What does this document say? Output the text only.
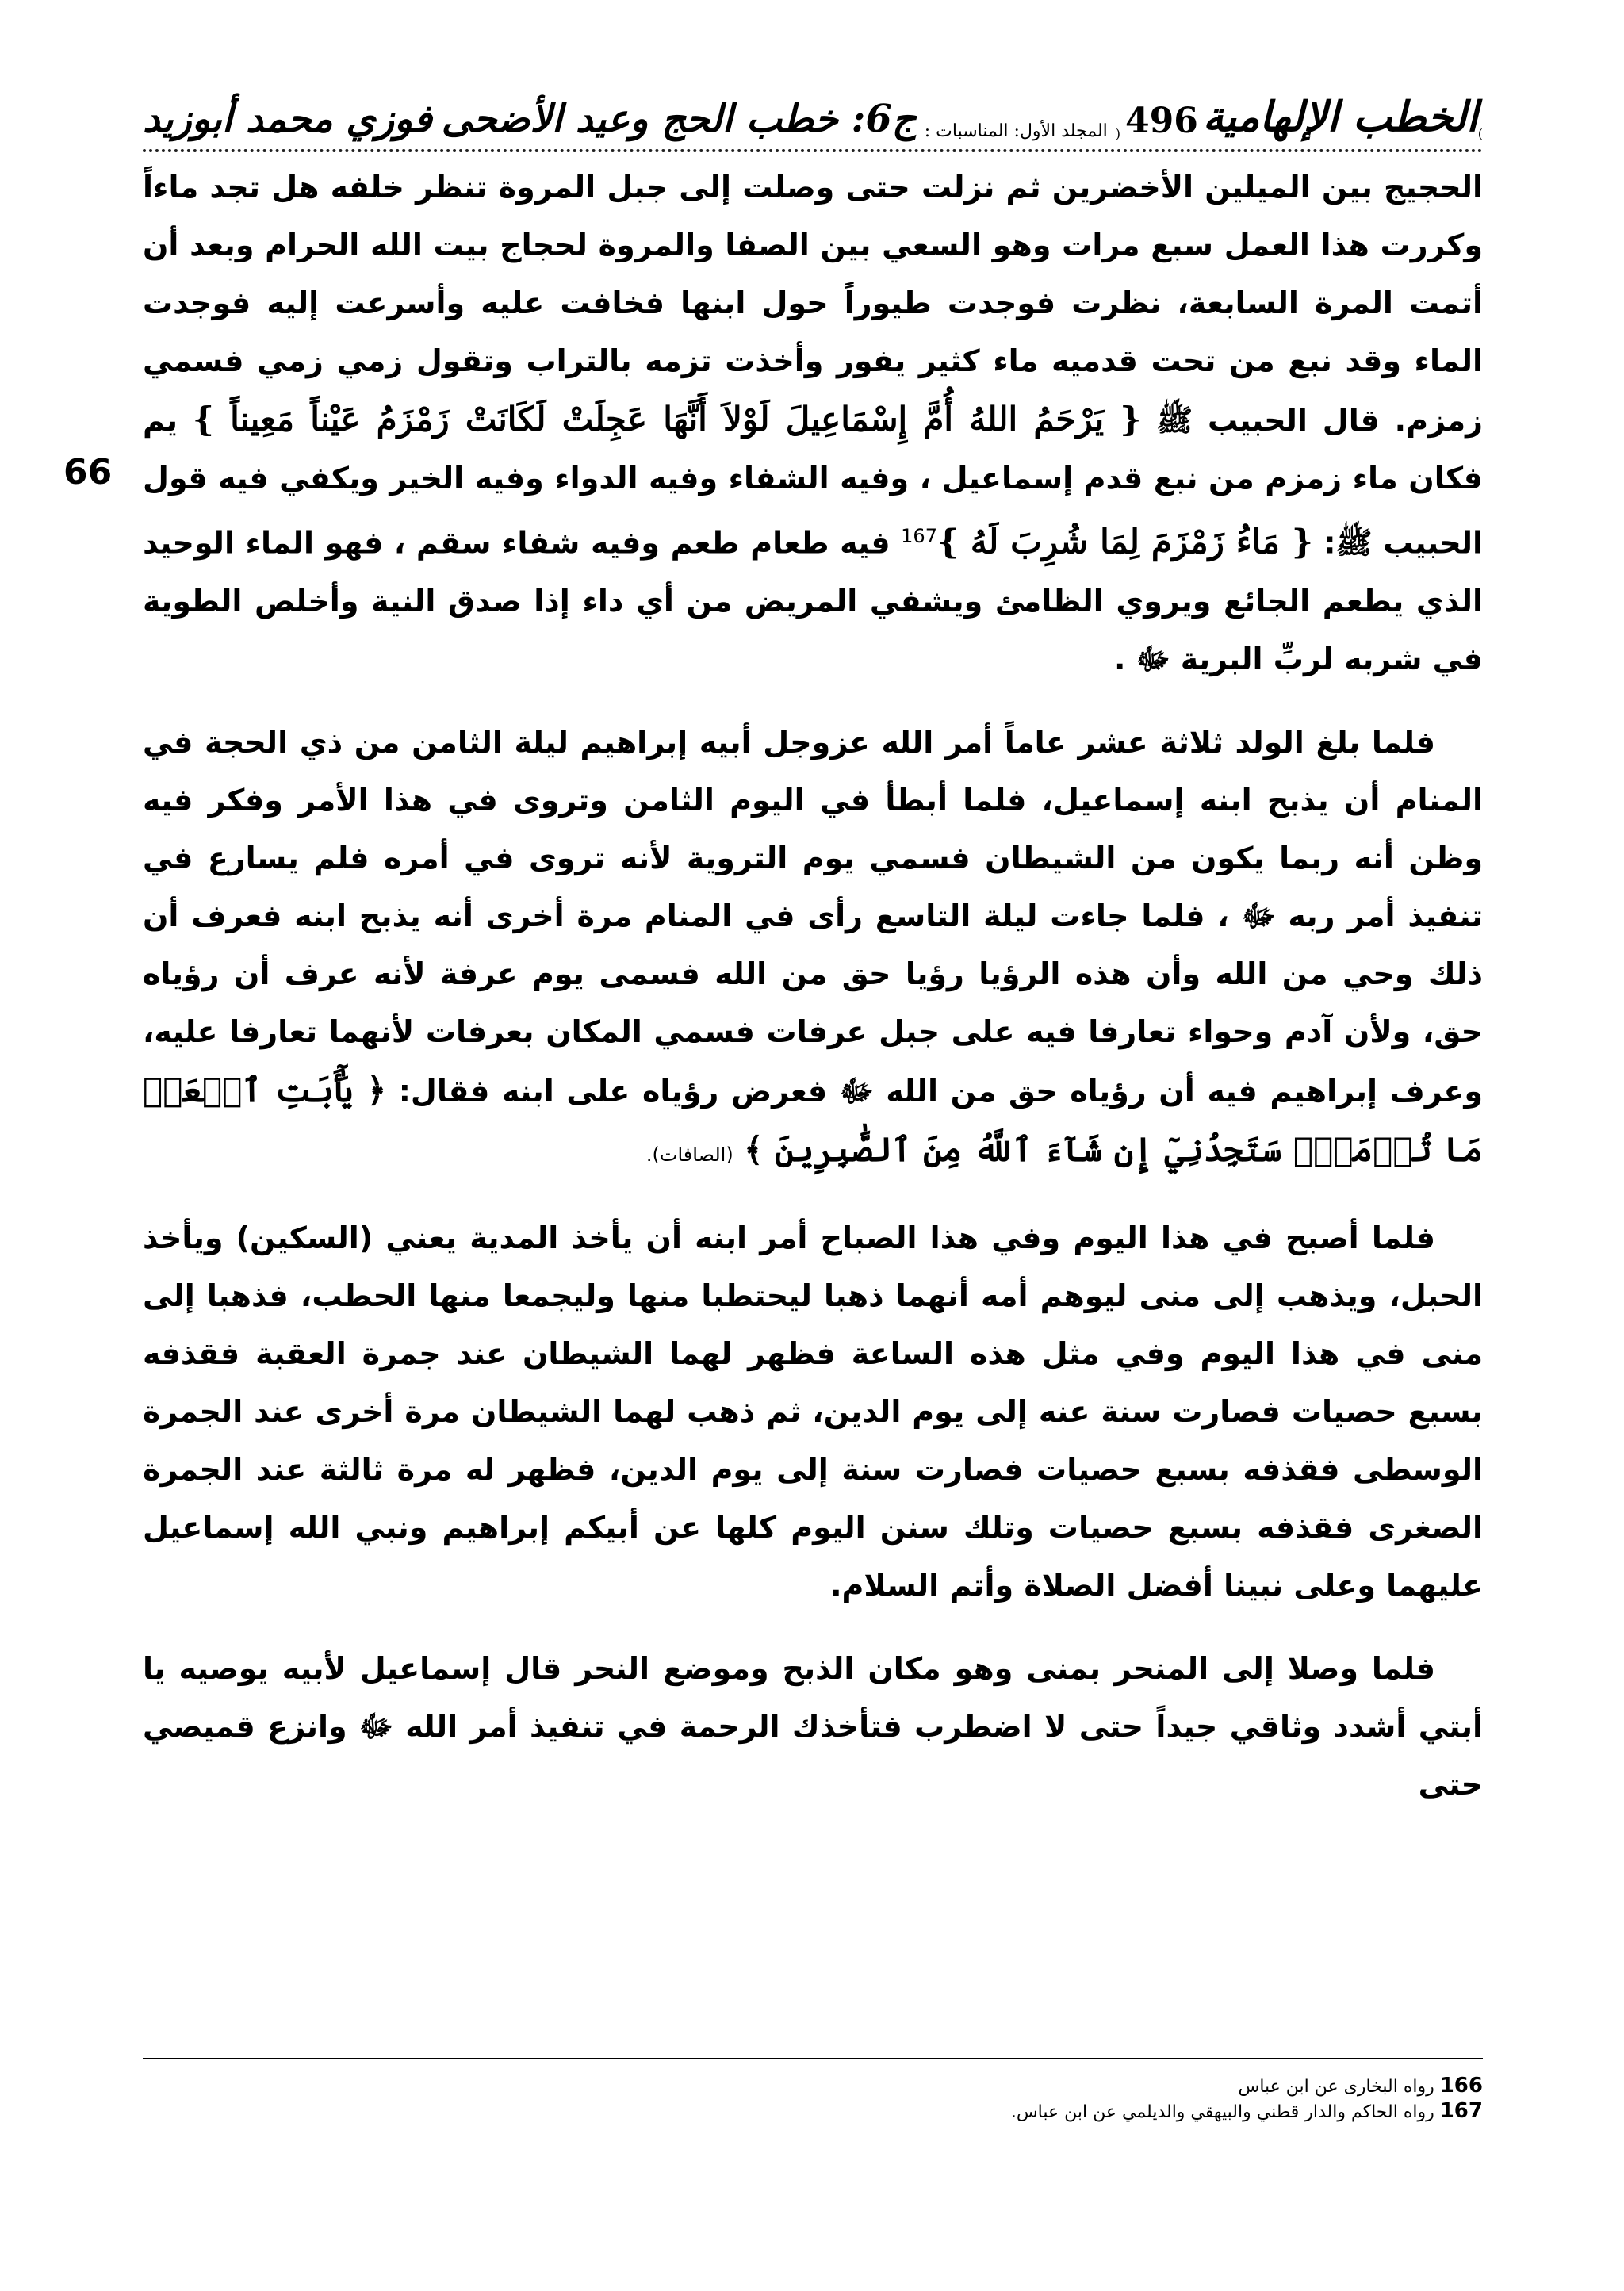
)
الخطب الإلهامية
496
(
المجلد الأول: المناسبات :
ج6: خطب الحج وعيد الأضحى
فوزي محمد أبوزيد
66

الحجيج بين الميلين الأخضرين ثم نزلت حتى وصلت إلى جبل المروة تنظر خلفه هل تجد ماءاً وكررت هذا العمل سبع مرات وهو السعي بين الصفا والمروة لحجاج بيت الله الحرام وبعد أن أتمت المرة السابعة، نظرت فوجدت طيوراً حول ابنها فخافت عليه وأسرعت إليه فوجدت الماء وقد نبع من تحت قدميه ماء كثير يفور وأخذت تزمه بالتراب وتقول زمي زمي فسمي زمزم. قال الحبيب ﷺ { يَرْحَمُ اللهُ أُمَّ إِسْمَاعِيلَ لَوْلاَ أَنَّهَا عَجِلَتْ لَكَانَتْ زَمْزَمُ عَيْناً مَعِيناً } يم فكان ماء زمزم من نبع قدم إسماعيل ، وفيه الشفاء وفيه الدواء وفيه الخير ويكفي فيه قول الحبيب ﷺ: { مَاءُ زَمْزَمَ لِمَا شُرِبَ لَهُ }$^{167}$ فيه طعام طعم وفيه شفاء سقم ، فهو الماء الوحيد الذي يطعم الجائع ويروي الظامئ ويشفي المريض من أي داء إذا صدق النية وأخلص الطوية في شربه لربِّ البرية ﷻ .

فلما بلغ الولد ثلاثة عشر عاماً أمر الله عزوجل أبيه إبراهيم ليلة الثامن من ذي الحجة في المنام أن يذبح ابنه إسماعيل، فلما أبطأ في اليوم الثامن وتروى في هذا الأمر وفكر فيه وظن أنه ربما يكون من الشيطان فسمي يوم التروية لأنه تروى في أمره فلم يسارع في تنفيذ أمر ربه ﷻ ، فلما جاءت ليلة التاسع رأى في المنام مرة أخرى أنه يذبح ابنه فعرف أن ذلك وحي من الله وأن هذه الرؤيا رؤيا حق من الله فسمى يوم عرفة لأنه عرف أن رؤياه حق، ولأن آدم وحواء تعارفا فيه على جبل عرفات فسمي المكان بعرفات لأنهما تعارفا عليه، وعرف إبراهيم فيه أن رؤياه حق من الله ﷻ فعرض رؤياه على ابنه فقال: ﴿ يَٰٓأَبَتِ ٱفۡعَلۡ مَا تُؤۡمَرُۖ سَتَجِدُنِيٓ إِن شَآءَ ٱللَّهُ مِنَ ٱلصَّٰبِرِينَ ﴾ (الصافات).

فلما أصبح في هذا اليوم وفي هذا الصباح أمر ابنه أن يأخذ المدية يعني (السكين) ويأخذ الحبل، ويذهب إلى منى ليوهم أمه أنهما ذهبا ليحتطبا منها وليجمعا منها الحطب، فذهبا إلى منى في هذا اليوم وفي مثل هذه الساعة فظهر لهما الشيطان عند جمرة العقبة فقذفه بسبع حصيات فصارت سنة عنه إلى يوم الدين، ثم ذهب لهما الشيطان مرة أخرى عند الجمرة الوسطى فقذفه بسبع حصيات فصارت سنة إلى يوم الدين، فظهر له مرة ثالثة عند الجمرة الصغرى فقذفه بسبع حصيات وتلك سنن اليوم كلها عن أبيكم إبراهيم ونبي الله إسماعيل عليهما وعلى نبينا أفضل الصلاة وأتم السلام.

فلما وصلا إلى المنحر بمنى وهو مكان الذبح وموضع النحر قال إسماعيل لأبيه يوصيه يا أبتي أشدد وثاقي جيداً حتى لا اضطرب فتأخذك الرحمة في تنفيذ أمر الله ﷻ وانزع قميصي حتى

166 رواه البخارى عن ابن عباس
167 رواه الحاكم والدار قطني والبيهقي والديلمي عن ابن عباس.
